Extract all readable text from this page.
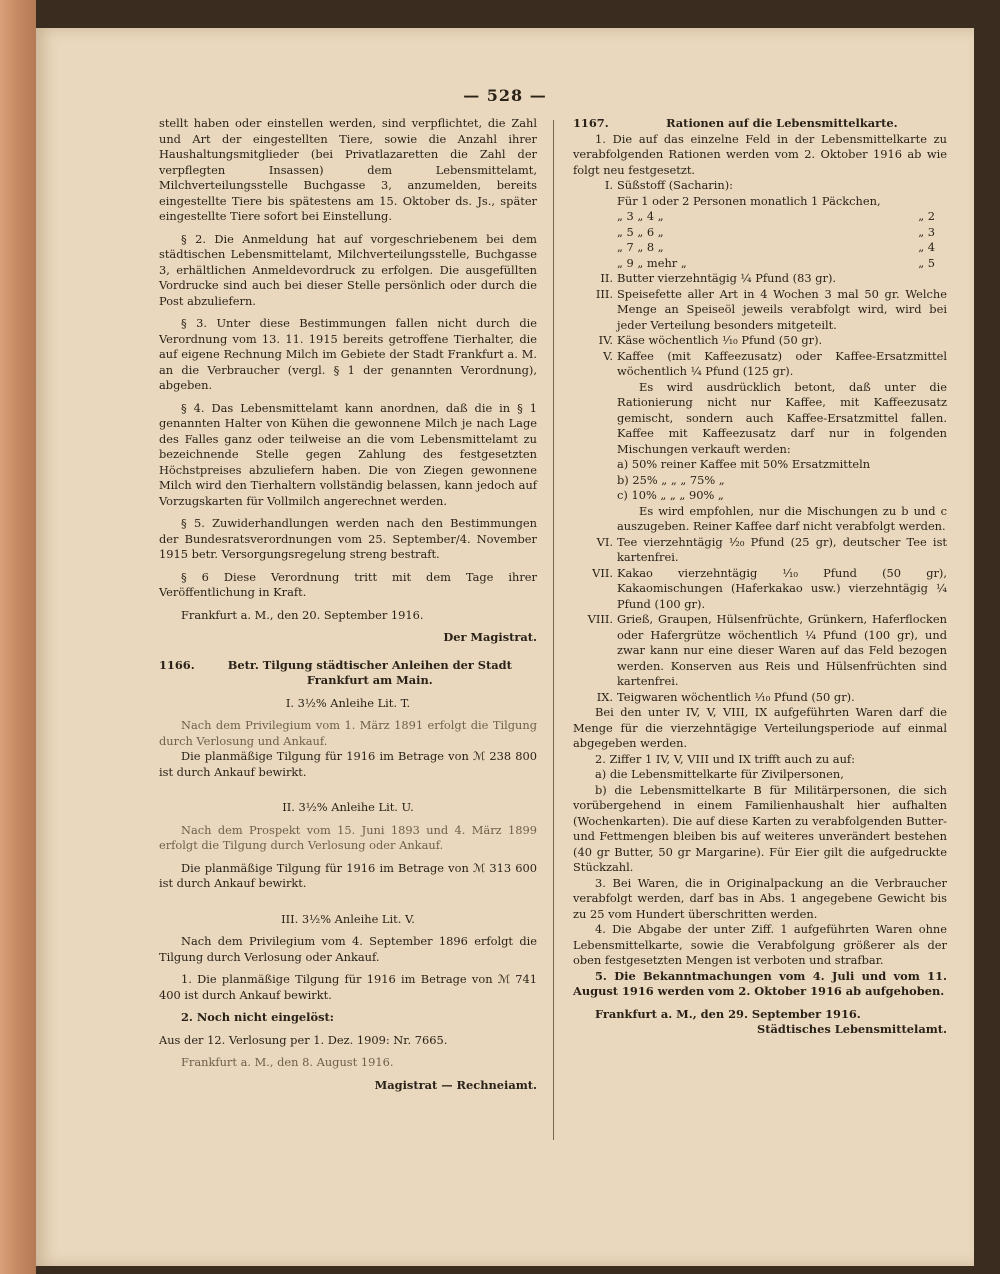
— 528 —

stellt haben oder einstellen werden, sind verpflichtet, die Zahl und Art der eingestellten Tiere, sowie die Anzahl ihrer Haushaltungsmitglieder (bei Privatlazaretten die Zahl der verpflegten Insassen) dem Lebensmittelamt, Milchverteilungsstelle Buchgasse 3, anzumelden, bereits eingestellte Tiere bis spätestens am 15. Oktober ds. Js., später eingestellte Tiere sofort bei Einstellung.

§ 2. Die Anmeldung hat auf vorgeschriebenem bei dem städtischen Lebensmittelamt, Milchverteilungsstelle, Buchgasse 3, erhältlichen Anmeldevordruck zu erfolgen. Die ausgefüllten Vordrucke sind auch bei dieser Stelle persönlich oder durch die Post abzuliefern.

§ 3. Unter diese Bestimmungen fallen nicht durch die Verordnung vom 13. 11. 1915 bereits getroffene Tierhalter, die auf eigene Rechnung Milch im Gebiete der Stadt Frankfurt a. M. an die Verbraucher (vergl. § 1 der genannten Verordnung), abgeben.

§ 4. Das Lebensmittelamt kann anordnen, daß die in § 1 genannten Halter von Kühen die gewonnene Milch je nach Lage des Falles ganz oder teilweise an die vom Lebensmittelamt zu bezeichnende Stelle gegen Zahlung des festgesetzten Höchstpreises abzuliefern haben. Die von Ziegen gewonnene Milch wird den Tierhaltern vollständig belassen, kann jedoch auf Vorzugskarten für Vollmilch angerechnet werden.

§ 5. Zuwiderhandlungen werden nach den Bestimmungen der Bundesratsverordnungen vom 25. September/4. November 1915 betr. Versorgungsregelung streng bestraft.

§ 6 Diese Verordnung tritt mit dem Tage ihrer Veröffentlichung in Kraft.

Frankfurt a. M., den 20. September 1916.

Der Magistrat.

1166.	Betr. Tilgung städtischer Anleihen der Stadt Frankfurt am Main.

I. 3½% Anleihe Lit. T.

Nach dem Privilegium vom 1. März 1891 erfolgt die Tilgung durch Verlosung und Ankauf.

Die planmäßige Tilgung für 1916 im Betrage von ℳ 238 800 ist durch Ankauf bewirkt.

II. 3½% Anleihe Lit. U.

Nach dem Prospekt vom 15. Juni 1893 und 4. März 1899 erfolgt die Tilgung durch Verlosung oder Ankauf.

Die planmäßige Tilgung für 1916 im Betrage von ℳ 313 600 ist durch Ankauf bewirkt.

III. 3½% Anleihe Lit. V.

Nach dem Privilegium vom 4. September 1896 erfolgt die Tilgung durch Verlosung oder Ankauf.

1. Die planmäßige Tilgung für 1916 im Betrage von ℳ 741 400 ist durch Ankauf bewirkt.

2. Noch nicht eingelöst:

Aus der 12. Verlosung per 1. Dez. 1909: Nr. 7665.

Frankfurt a. M., den 8. August 1916.

Magistrat — Rechneiamt.

1167.	Rationen auf die Lebensmittelkarte.

1. Die auf das einzelne Feld in der Lebensmittelkarte zu verabfolgenden Rationen werden vom 2. Oktober 1916 ab wie folgt neu festgesetzt.

I. Süßstoff (Sacharin):

Für 1 oder 2 Personen monatlich 1 Päckchen,

„ 3 „ 4 „	„ 2
„ 5 „ 6 „	„ 3
„ 7 „ 8 „	„ 4
„ 9 „ mehr „	„ 5
II. Butter vierzehntägig ¼ Pfund (83 gr).
III. Speisefette aller Art in 4 Wochen 3 mal 50 gr. Welche Menge an Speiseöl jeweils verabfolgt wird, wird bei jeder Verteilung besonders mitgeteilt.

IV. Käse wöchentlich ¹⁄₁₀ Pfund (50 gr).
V. Kaffee (mit Kaffeezusatz) oder Kaffee-Ersatzmittel wöchentlich ¼ Pfund (125 gr).

Es wird ausdrücklich betont, daß unter die Rationierung nicht nur Kaffee, mit Kaffeezusatz gemischt, sondern auch Kaffee-Ersatzmittel fallen. Kaffee mit Kaffeezusatz darf nur in folgenden Mischungen verkauft werden:

a) 50% reiner Kaffee mit 50% Ersatzmitteln

b) 25% „ „ „ 75% „

c) 10% „ „ „ 90% „

Es wird empfohlen, nur die Mischungen zu b und c auszugeben. Reiner Kaffee darf nicht verabfolgt werden.

VI. Tee vierzehntägig ¹⁄₂₀ Pfund (25 gr), deutscher Tee ist kartenfrei.

VII. Kakao vierzehntägig ¹⁄₁₀ Pfund (50 gr), Kakaomischungen (Haferkakao usw.) vierzehntägig ¼ Pfund (100 gr).

VIII. Grieß, Graupen, Hülsenfrüchte, Grünkern, Haferflocken oder Hafergrütze wöchentlich ¼ Pfund (100 gr), und zwar kann nur eine dieser Waren auf das Feld bezogen werden. Konserven aus Reis und Hülsenfrüchten sind kartenfrei.

IX. Teigwaren wöchentlich ¹⁄₁₀ Pfund (50 gr).

Bei den unter IV, V, VIII, IX aufgeführten Waren darf die Menge für die vierzehntägige Verteilungsperiode auf einmal abgegeben werden.

2. Ziffer 1 IV, V, VIII und IX trifft auch zu auf:

a) die Lebensmittelkarte für Zivilpersonen,

b) die Lebensmittelkarte B für Militärpersonen, die sich vorübergehend in einem Familienhaushalt hier aufhalten (Wochenkarten). Die auf diese Karten zu verabfolgenden Butter- und Fettmengen bleiben bis auf weiteres unverändert bestehen (40 gr Butter, 50 gr Margarine). Für Eier gilt die aufgedruckte Stückzahl.

3. Bei Waren, die in Originalpackung an die Verbraucher verabfolgt werden, darf bas in Abs. 1 angegebene Gewicht bis zu 25 vom Hundert überschritten werden.

4. Die Abgabe der unter Ziff. 1 aufgeführten Waren ohne Lebensmittelkarte, sowie die Verabfolgung größerer als der oben festgesetzten Mengen ist verboten und strafbar.

5. Die Bekanntmachungen vom 4. Juli und vom 11. August 1916 werden vom 2. Oktober 1916 ab aufgehoben.

Frankfurt a. M., den 29. September 1916.

Städtisches Lebensmittelamt.
